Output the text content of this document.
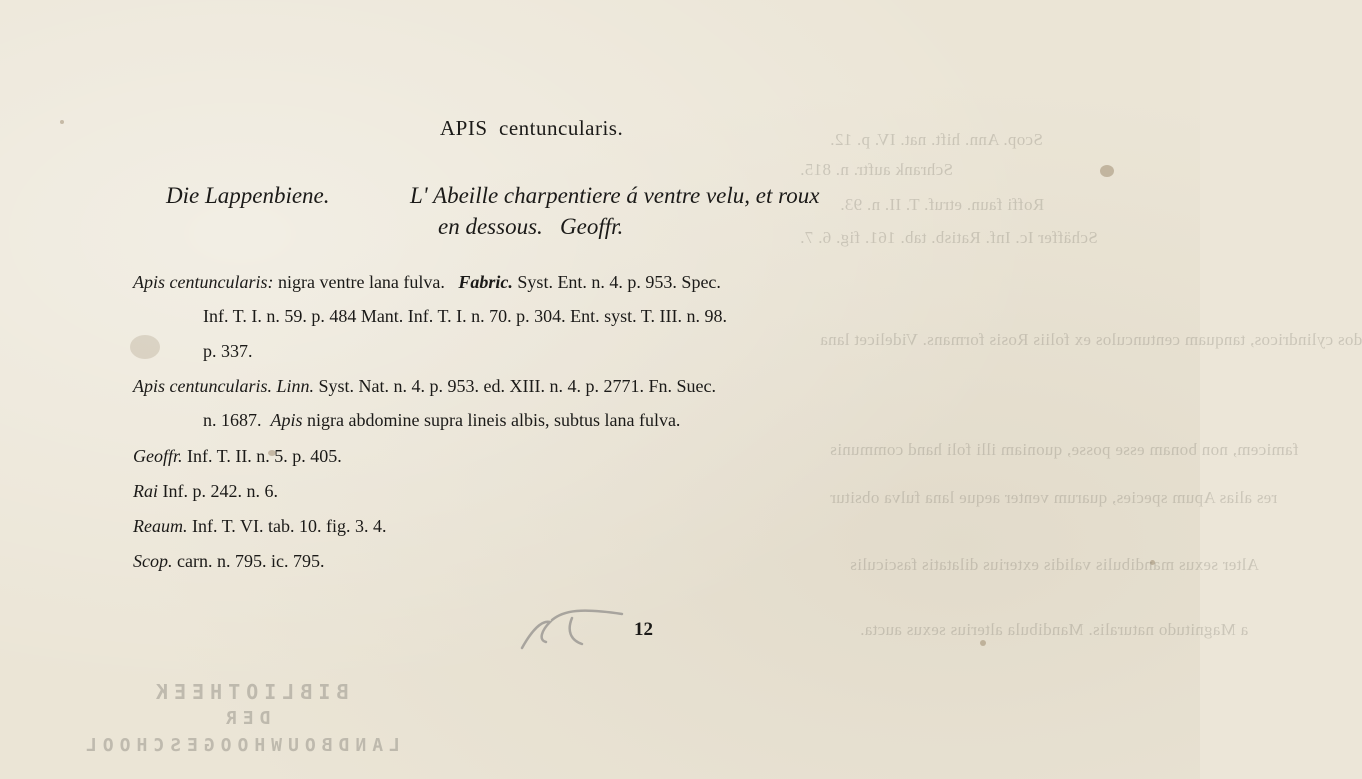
Scop. Ann. hift. nat. IV. p. 12.
Schrank auftr. n. 815.
Roffi faun. etruf. T. II. n. 93.
Schäffer Ic. Inf. Ratisb. tab. 161. fig. 6. 7.
dos cylindricos, tanquam centunculos ex foliis Rosis formans. Videlicet lana
famicem, non bonam esse posse, quoniam illi foli hand communis
res alias Apum species, quarum venter aeque lana fulva obsitur
Alter sexus mandibulis validis exterius dilatatis fasciculis
a Magnitudo naturalis. Mandibula alterius sexus aucta.
BIBLIOTHEEK
DER
LANDBOUWHOOGESCHOOL
APIS centuncularis.
Die Lappenbiene.	L' Abeille charpentiere á ventre velu, et roux
en dessous. Geoffr.
Apis centuncularis: nigra ventre lana fulva. Fabric. Syst. Ent. n. 4. p. 953. Spec.
Inf. T. I. n. 59. p. 484 Mant. Inf. T. I. n. 70. p. 304. Ent. syst. T. III. n. 98.
p. 337.
Apis centuncularis. Linn. Syst. Nat. n. 4. p. 953. ed. XIII. n. 4. p. 2771. Fn. Suec.
n. 1687. Apis nigra abdomine supra lineis albis, subtus lana fulva.
Geoffr. Inf. T. II. n. 5. p. 405.
Rai Inf. p. 242. n. 6.
Reaum. Inf. T. VI. tab. 10. fig. 3. 4.
Scop. carn. n. 795. ic. 795.
12
